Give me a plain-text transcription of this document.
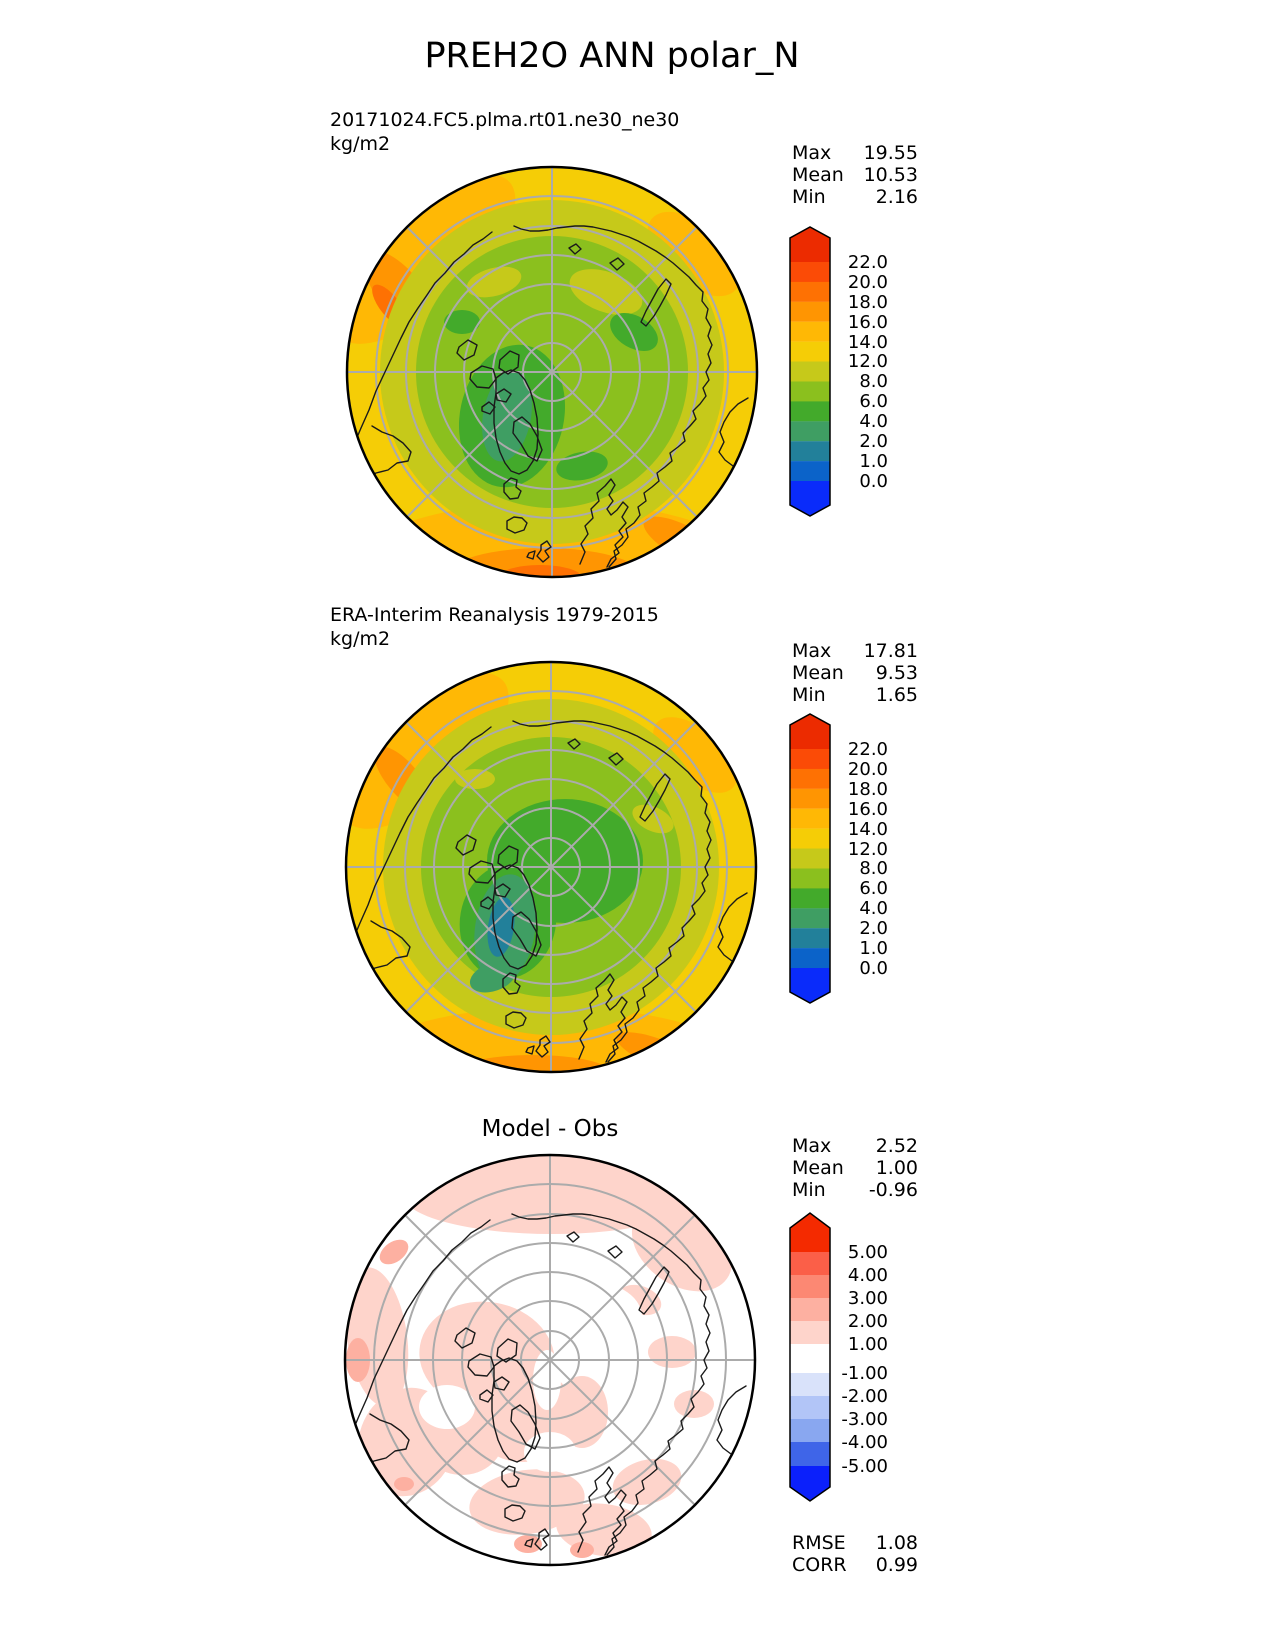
PREH2O ANN polar_N
20171024.FC5.plma.rt01.ne30_ne30
kg/m2	Max 19.55
Mean 10.53
Min	2.16
22.0
20.0
18.0
16.0
14.0
12.0
8.0
6.0
4.0
2.0
1.0
0.0
ERA-Interim Reanalysis 1979-2015
kg/m2
Max 17.81
Mean 9.53
Min	1.65
22.0
20.0
18.0
16.0
14.0
12.0
8.0
6.0
4.0
2.0
1.0
0.0
Model - Obs
Max 2.52
Mean 1.00
Min -0.96
5.00
4.00
3.00
2.00
1.00
-1.00
-2.00
-3.00
-4.00
-5.00
RMSE 1.08
CORR 0.99
